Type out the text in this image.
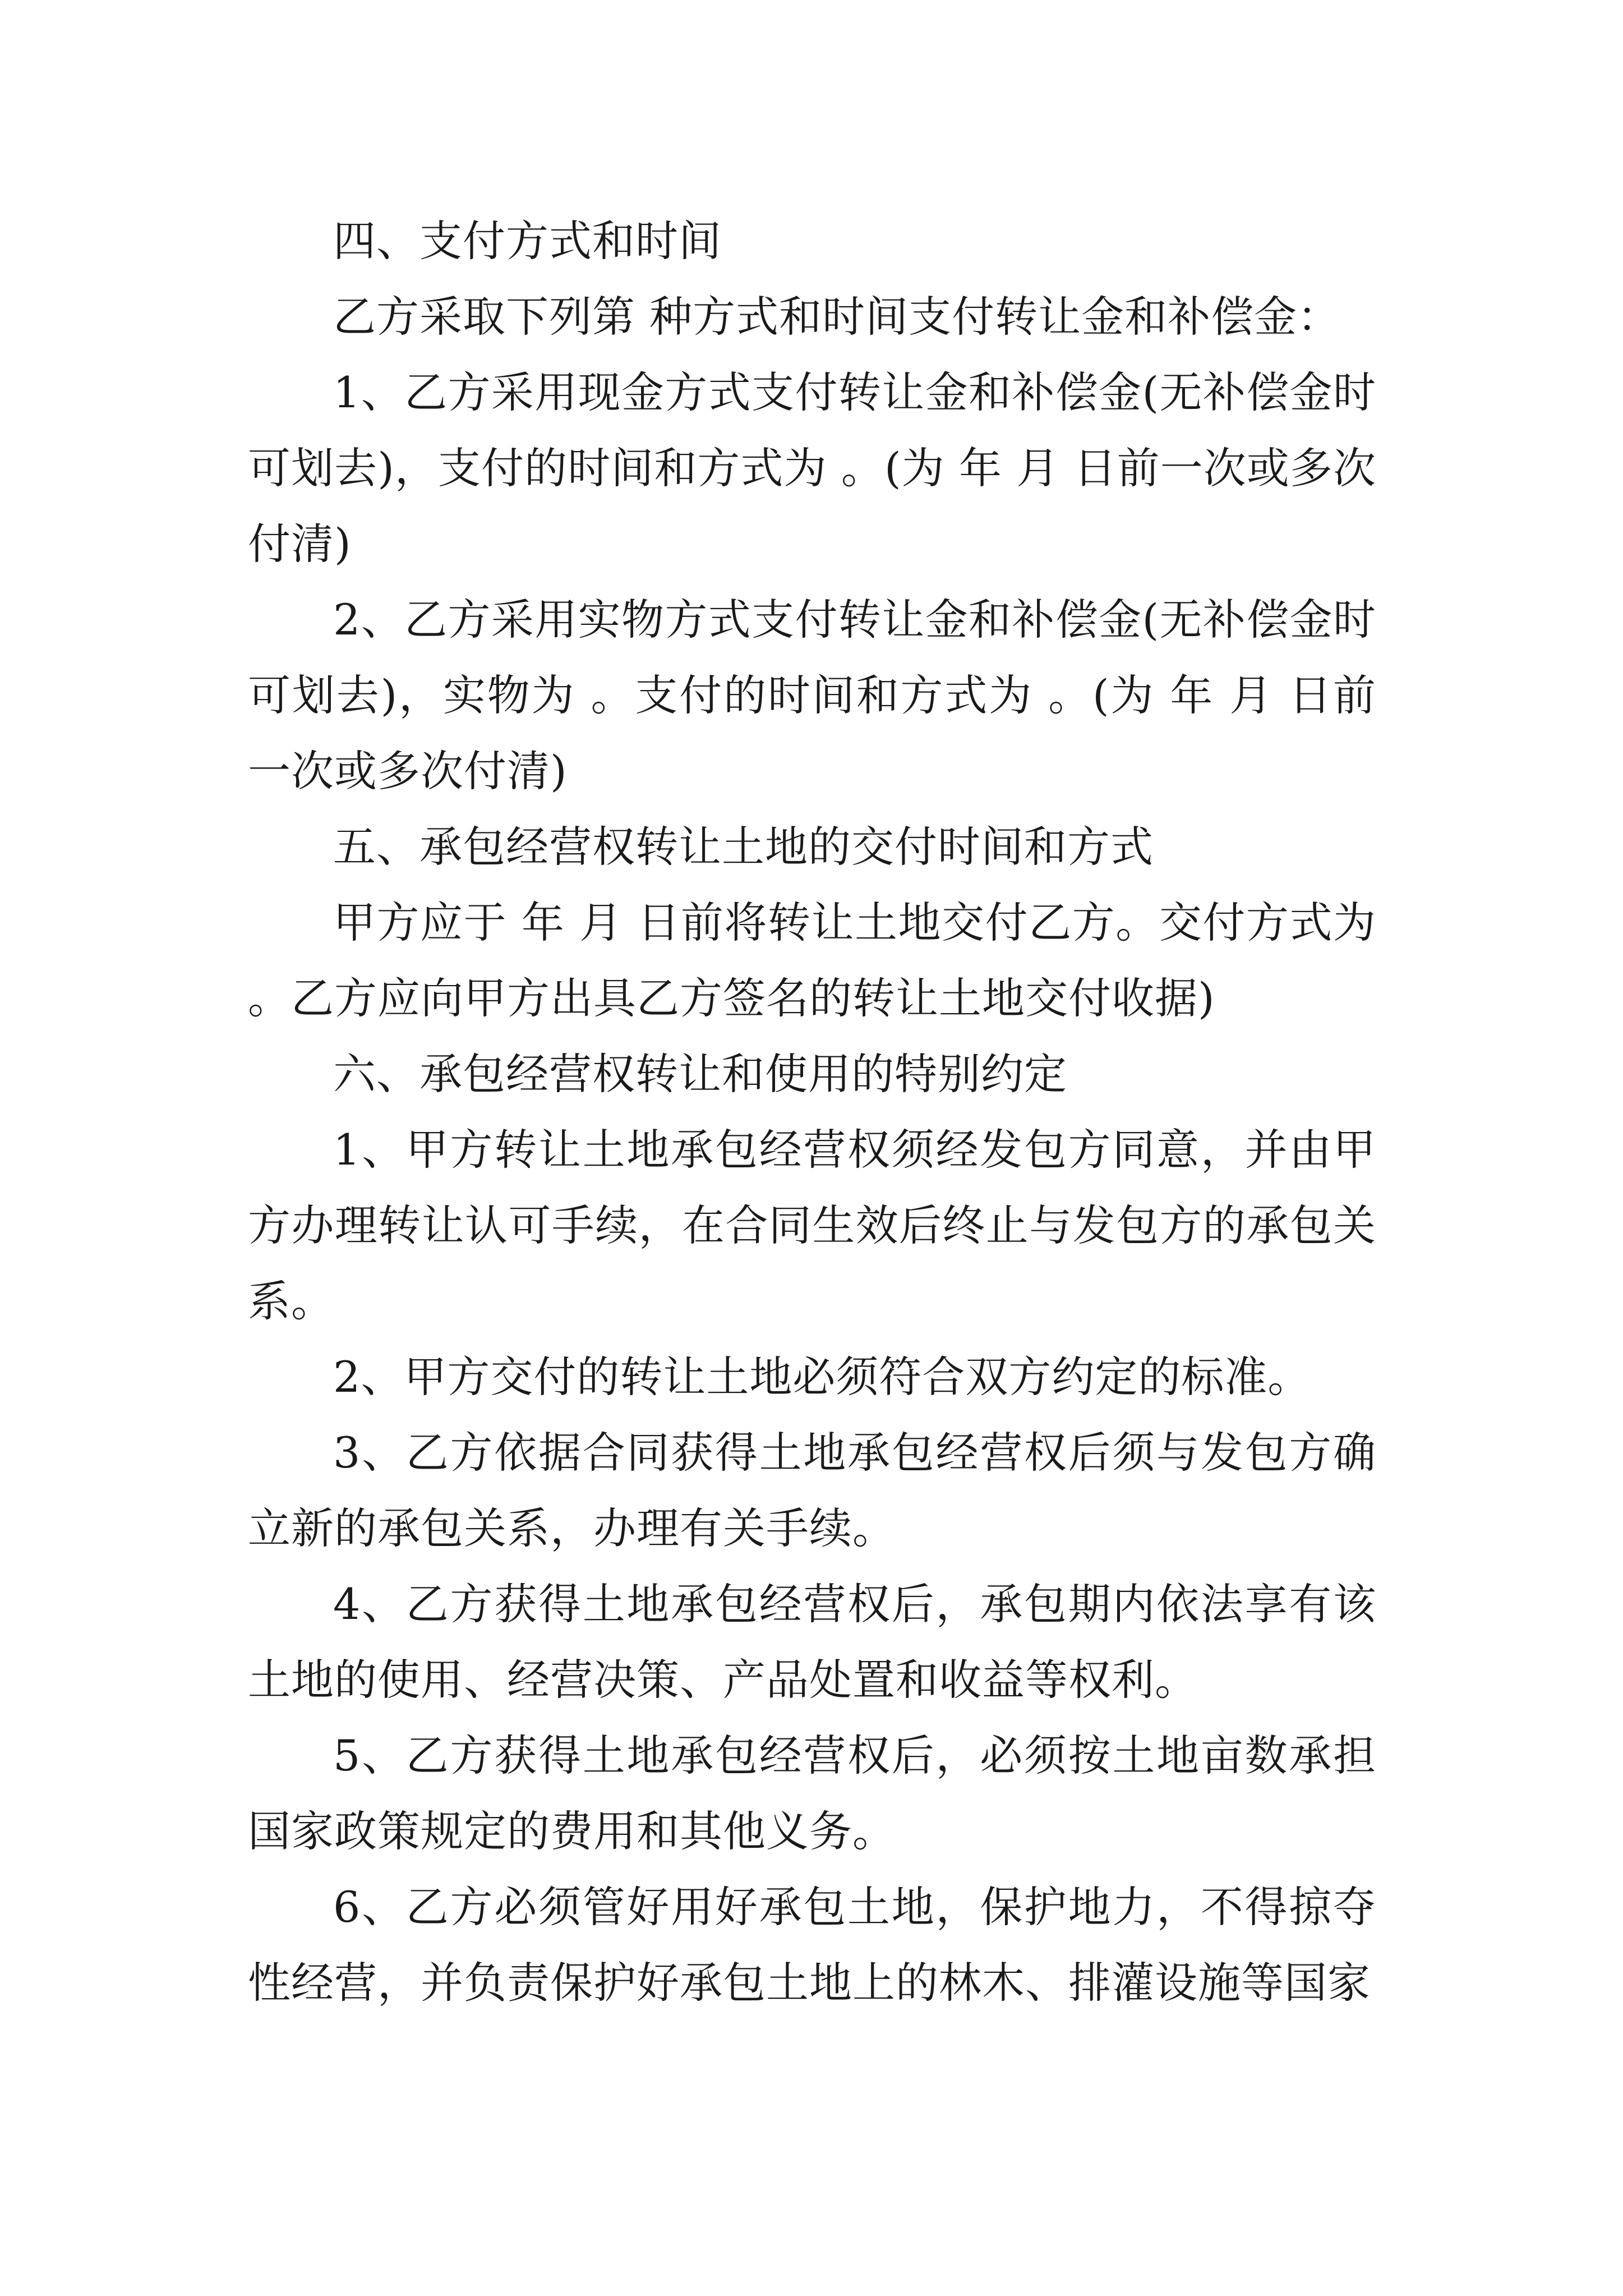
四、支付方式和时间

乙方采取下列第 种方式和时间支付转让金和补偿金：

1、乙方采用现金方式支付转让金和补偿金(无补偿金时可划去)，支付的时间和方式为 。(为 年 月 日前一次或多次付清)

2、乙方采用实物方式支付转让金和补偿金(无补偿金时可划去)，实物为 。支付的时间和方式为 。(为 年 月 日前一次或多次付清)

五、承包经营权转让土地的交付时间和方式

甲方应于 年 月 日前将转让土地交付乙方。交付方式为 。乙方应向甲方出具乙方签名的转让土地交付收据)

六、承包经营权转让和使用的特别约定

1、甲方转让土地承包经营权须经发包方同意，并由甲方办理转让认可手续，在合同生效后终止与发包方的承包关系。

2、甲方交付的转让土地必须符合双方约定的标准。

3、乙方依据合同获得土地承包经营权后须与发包方确立新的承包关系，办理有关手续。

4、乙方获得土地承包经营权后，承包期内依法享有该土地的使用、经营决策、产品处置和收益等权利。

5、乙方获得土地承包经营权后，必须按土地亩数承担国家政策规定的费用和其他义务。

6、乙方必须管好用好承包土地，保护地力，不得掠夺性经营，并负责保护好承包土地上的林木、排灌设施等国家
